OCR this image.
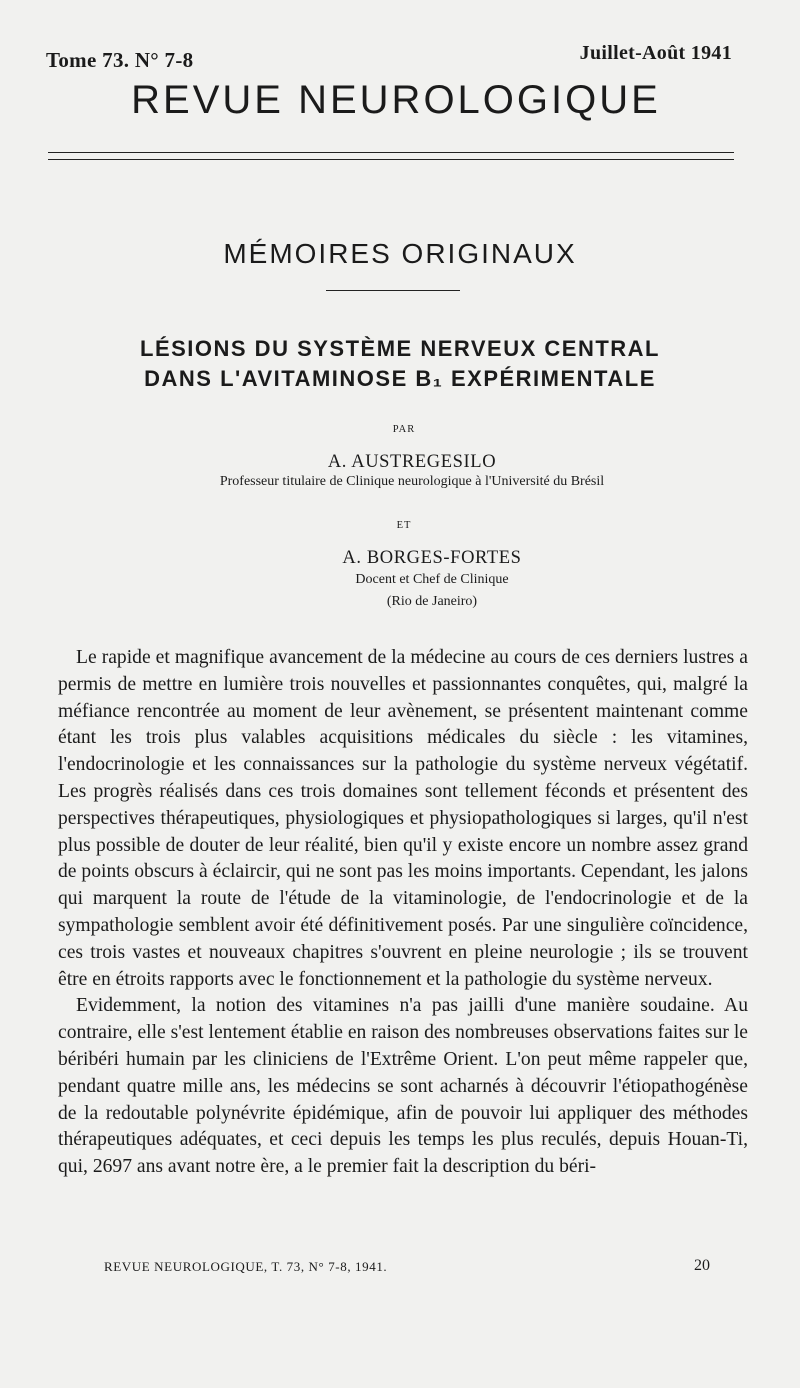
Tome 73. N° 7-8	Juillet-Août 1941
REVUE NEUROLOGIQUE
MÉMOIRES ORIGINAUX
LÉSIONS DU SYSTÈME NERVEUX CENTRAL
DANS L'AVITAMINOSE B₁ EXPÉRIMENTALE
PAR
A. AUSTREGESILO
Professeur titulaire de Clinique neurologique à l'Université du Brésil
ET
A. BORGES-FORTES
Docent et Chef de Clinique
(Rio de Janeiro)

Le rapide et magnifique avancement de la médecine au cours de ces derniers lustres a permis de mettre en lumière trois nouvelles et passionnantes conquêtes, qui, malgré la méfiance rencontrée au moment de leur avènement, se présentent maintenant comme étant les trois plus valables acquisitions médicales du siècle : les vitamines, l'endocrinologie et les connaissances sur la pathologie du système nerveux végétatif. Les progrès réalisés dans ces trois domaines sont tellement féconds et présentent des perspectives thérapeutiques, physiologiques et physiopathologiques si larges, qu'il n'est plus possible de douter de leur réalité, bien qu'il y existe encore un nombre assez grand de points obscurs à éclaircir, qui ne sont pas les moins importants. Cependant, les jalons qui marquent la route de l'étude de la vitaminologie, de l'endocrinologie et de la sympathologie semblent avoir été définitivement posés. Par une singulière coïncidence, ces trois vastes et nouveaux chapitres s'ouvrent en pleine neurologie ; ils se trouvent être en étroits rapports avec le fonctionnement et la pathologie du système nerveux.

Evidemment, la notion des vitamines n'a pas jailli d'une manière soudaine. Au contraire, elle s'est lentement établie en raison des nombreuses observations faites sur le béribéri humain par les cliniciens de l'Extrême Orient. L'on peut même rappeler que, pendant quatre mille ans, les médecins se sont acharnés à découvrir l'étiopathogénèse de la redoutable polynévrite épidémique, afin de pouvoir lui appliquer des méthodes thérapeutiques adéquates, et ceci depuis les temps les plus reculés, depuis Houan-Ti, qui, 2697 ans avant notre ère, a le premier fait la description du béri-

REVUE NEUROLOGIQUE, T. 73, N° 7-8, 1941.	20
